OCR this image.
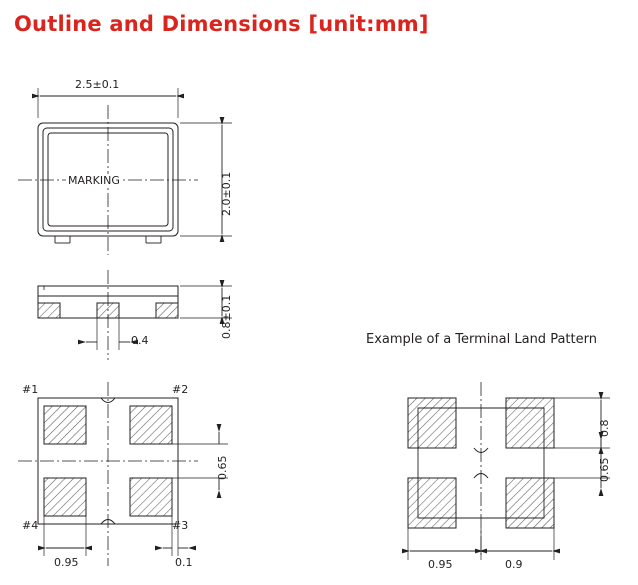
Outline and Dimensions [unit:mm]
2.5±0.1
2.0±0.1
MARKING
0.8±0.1
0.4
#1	#2
#4	#3
0.65
0.95	0.1
Example of a Terminal Land Pattern
0.8
0.65
0.95	0.9
